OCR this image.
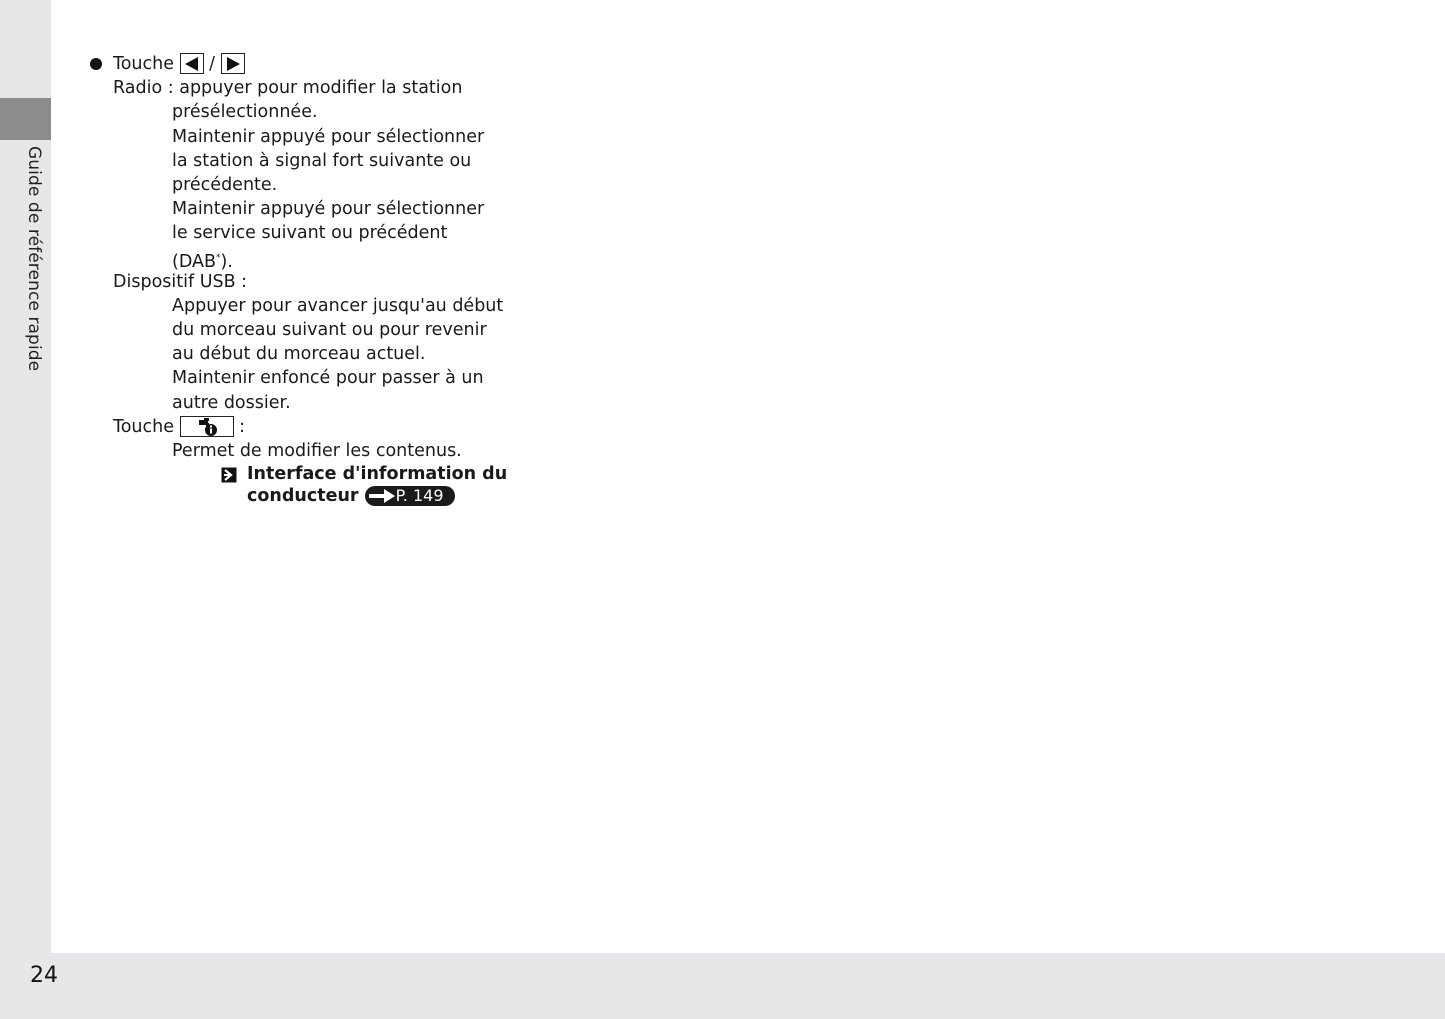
Guide de référence rapide
24
Touche /
Radio : appuyer pour modifier la station
présélectionnée.
Maintenir appuyé pour sélectionner
la station à signal fort suivante ou
précédente.
Maintenir appuyé pour sélectionner
le service suivant ou précédent
(DAB*).
Dispositif USB :
Appuyer pour avancer jusqu'au début
du morceau suivant ou pour revenir
au début du morceau actuel.
Maintenir enfoncé pour passer à un
autre dossier.
Touche	:
Permet de modifier les contenus.
Interface d'information du
conducteur P. 149
